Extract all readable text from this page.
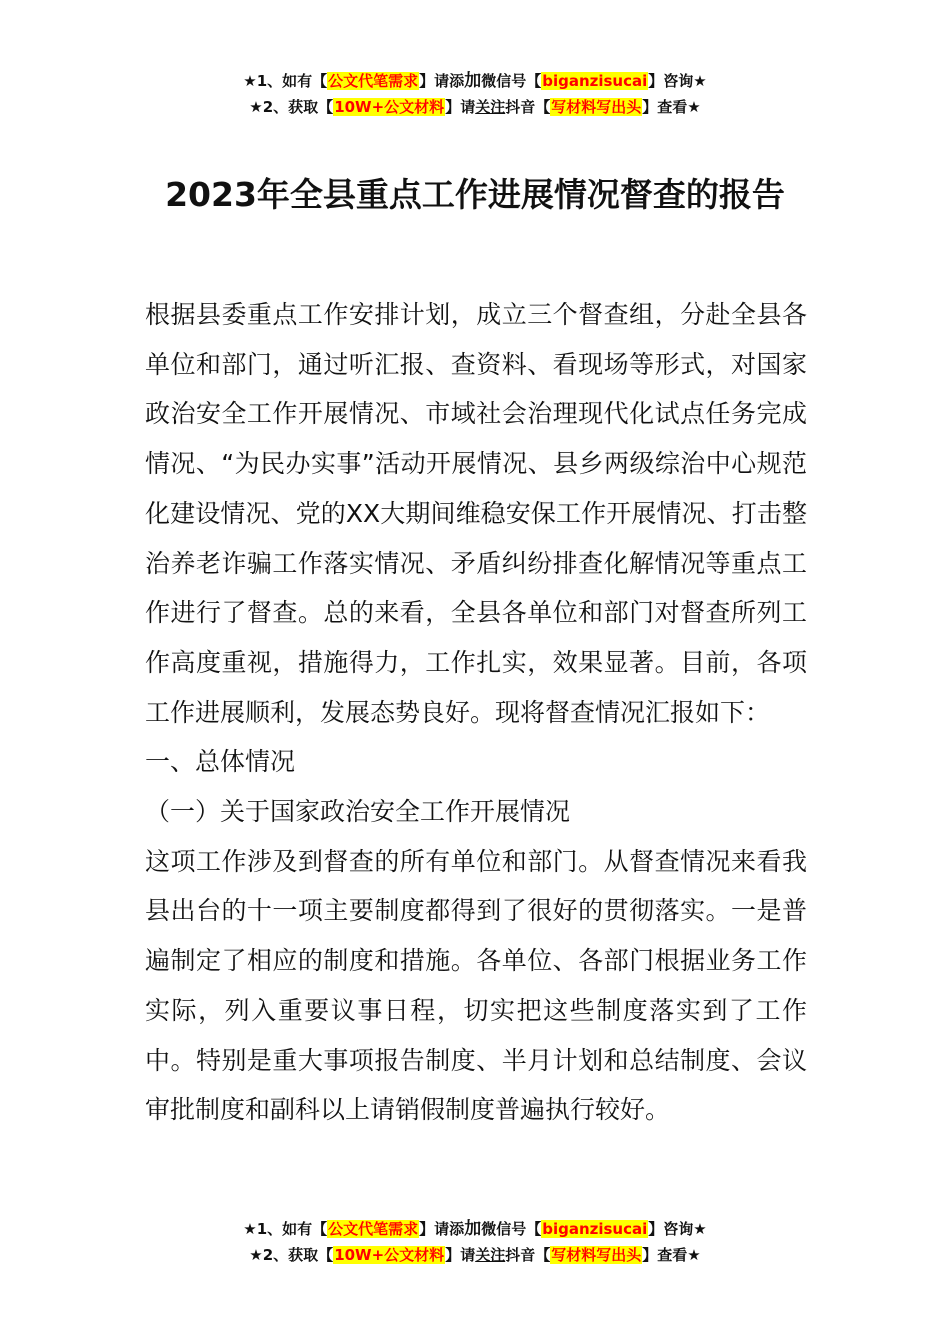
★1、如有【公文代笔需求】请添加微信号【biganzisucai】咨询★
★2、获取【10W+公文材料】请关注抖音【写材料写出头】查看★
2023年全县重点工作进展情况督查的报告

根据县委重点工作安排计划，成立三个督查组，分赴全县各单位和部门，通过听汇报、查资料、看现场等形式，对国家政治安全工作开展情况、市域社会治理现代化试点任务完成情况、“为民办实事”活动开展情况、县乡两级综治中心规范化建设情况、党的XX大期间维稳安保工作开展情况、打击整治养老诈骗工作落实情况、矛盾纠纷排查化解情况等重点工作进行了督查。总的来看，全县各单位和部门对督查所列工作高度重视，措施得力，工作扎实，效果显著。目前，各项工作进展顺利，发展态势良好。现将督查情况汇报如下：

一、总体情况

（一）关于国家政治安全工作开展情况

这项工作涉及到督查的所有单位和部门。从督查情况来看我县出台的十一项主要制度都得到了很好的贯彻落实。一是普遍制定了相应的制度和措施。各单位、各部门根据业务工作实际，列入重要议事日程，切实把这些制度落实到了工作中。特别是重大事项报告制度、半月计划和总结制度、会议审批制度和副科以上请销假制度普遍执行较好。

★1、如有【公文代笔需求】请添加微信号【biganzisucai】咨询★
★2、获取【10W+公文材料】请关注抖音【写材料写出头】查看★
